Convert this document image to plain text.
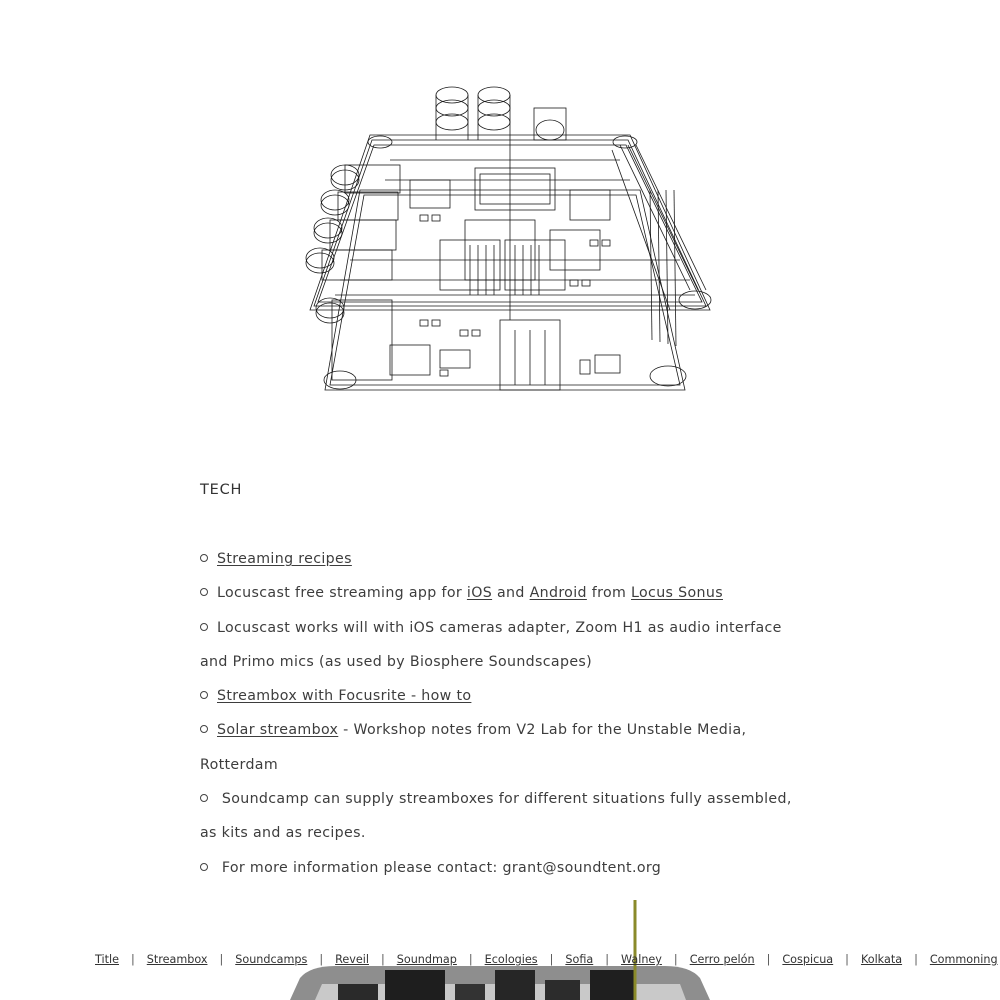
TECH
Streaming recipes
Locuscast free streaming app for iOS and Android from Locus Sonus
Locuscast works will with iOS cameras adapter, Zoom H1 as audio interface and Primo mics (as used by Biosphere Soundscapes)
Streambox with Focusrite - how to
Solar streambox - Workshop notes from V2 Lab for the Unstable Media, Rotterdam
Soundcamp can supply streamboxes for different situations fully assembled, as kits and as recipes.
For more information please contact: grant@soundtent.org
Title | Streambox | Soundcamps | Reveil | Soundmap | Ecologies | Sofia | Walney | Cerro pelón | Cospicua | Kolkata | Commoning
